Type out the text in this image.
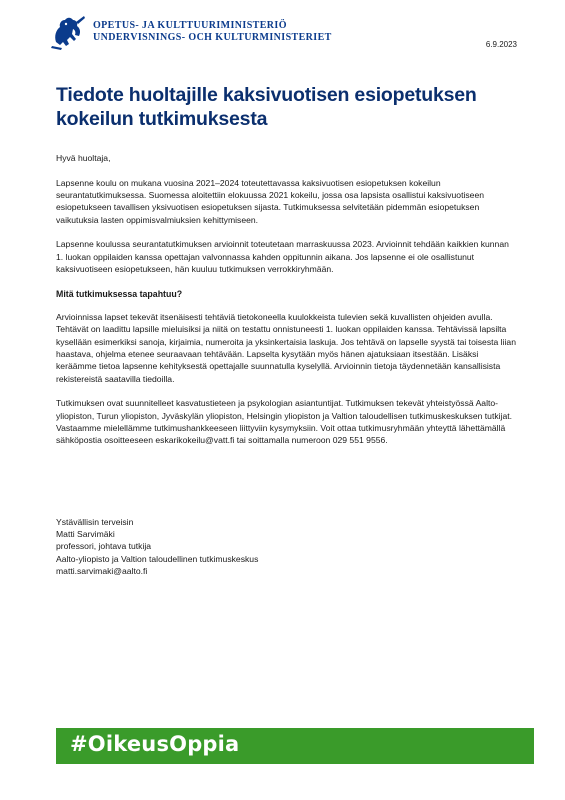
OPETUS- JA KULTTUURIMINISTERIÖ
UNDERVISNINGS- OCH KULTURMINISTERIET
6.9.2023
Tiedote huoltajille kaksivuotisen esiopetuksen kokeilun tutkimuksesta

Hyvä huoltaja,

Lapsenne koulu on mukana vuosina 2021–2024 toteutettavassa kaksivuotisen esiopetuksen kokeilun seurantatutkimuksessa. Suomessa aloitettiin elokuussa 2021 kokeilu, jossa osa lapsista osallistui kaksivuotiseen esiopetukseen tavallisen yksivuotisen esiopetuksen sijasta. Tutkimuksessa selvitetään pidemmän esiopetuksen vaikutuksia lasten oppimisvalmiuksien kehittymiseen.

Lapsenne koulussa seurantatutkimuksen arvioinnit toteutetaan marraskuussa 2023. Arvioinnit tehdään kaikkien kunnan 1. luokan oppilaiden kanssa opettajan valvonnassa kahden oppitunnin aikana. Jos lapsenne ei ole osallistunut kaksivuotiseen esiopetukseen, hän kuuluu tutkimuksen verrokkiryhmään.

Mitä tutkimuksessa tapahtuu?

Arvioinnissa lapset tekevät itsenäisesti tehtäviä tietokoneella kuulokkeista tulevien sekä kuvallisten ohjeiden avulla. Tehtävät on laadittu lapsille mieluisiksi ja niitä on testattu onnistuneesti 1. luokan oppilaiden kanssa. Tehtävissä lapsilta kysellään esimerkiksi sanoja, kirjaimia, numeroita ja yksinkertaisia laskuja. Jos tehtävä on lapselle syystä tai toisesta liian haastava, ohjelma etenee seuraavaan tehtävään. Lapselta kysytään myös hänen ajatuksiaan itsestään. Lisäksi keräämme tietoa lapsenne kehityksestä opettajalle suunnatulla kyselyllä. Arvioinnin tietoja täydennetään kansallisista rekistereistä saatavilla tiedoilla.

Tutkimuksen ovat suunnitelleet kasvatustieteen ja psykologian asiantuntijat. Tutkimuksen tekevät yhteistyössä Aalto-yliopiston, Turun yliopiston, Jyväskylän yliopiston, Helsingin yliopiston ja Valtion taloudellisen tutkimuskeskuksen tutkijat. Vastaamme mielellämme tutkimushankkeeseen liittyviin kysymyksiin. Voit ottaa tutkimusryhmään yhteyttä lähettämällä sähköpostia osoitteeseen eskarikokeilu@vatt.fi tai soittamalla numeroon 029 551 9556.

Ystävällisin terveisin
Matti Sarvimäki
professori, johtava tutkija
Aalto-yliopisto ja Valtion taloudellinen tutkimuskeskus
matti.sarvimaki@aalto.fi
#OikeusOppia
